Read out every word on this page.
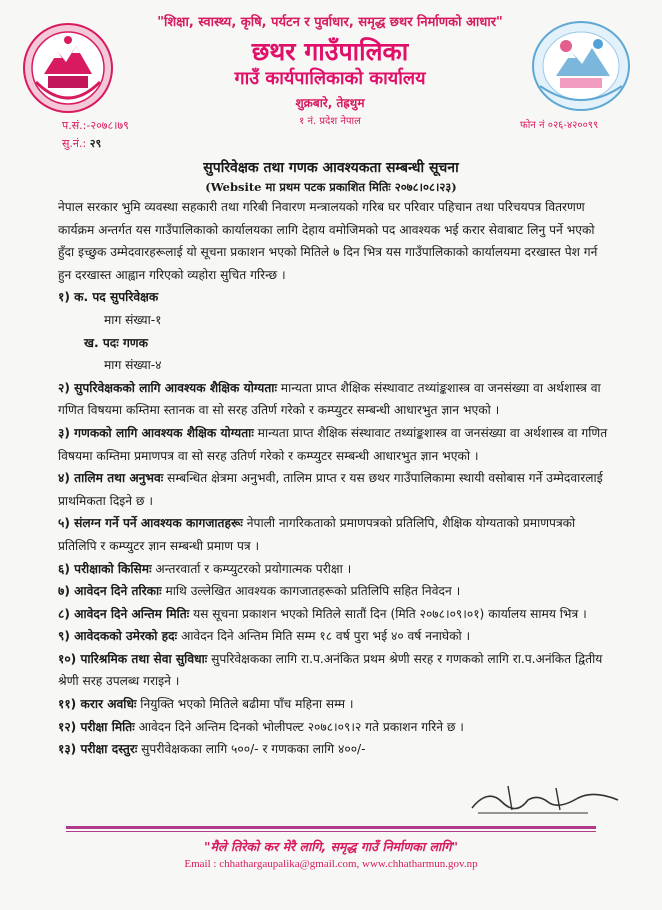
"शिक्षा, स्वास्थ्य, कृषि, पर्यटन र पुर्वाधार, समृद्ध छथर निर्माणको आधार"
छथर गाउँपालिका
गाउँ कार्यपालिकाको कार्यालय
शुक्रबारे, तेह्रथुम
१ नं. प्रदेश नेपाल	फोन नं ०२६-४२००९९
प.सं.:-२०७८।७९
सु.नं.: २९
सुपरिवेक्षक तथा गणक आवश्यकता सम्बन्धी सूचना
(Website मा प्रथम पटक प्रकाशित मितिः २०७८।०८।२३)

नेपाल सरकार भुमि व्यवस्था सहकारी तथा गरिबी निवारण मन्त्रालयको गरिब घर परिवार पहिचान तथा परिचयपत्र वितरणण कार्यक्रम अन्तर्गत यस गाउँपालिकाको कार्यालयका लागि देहाय वमोजिमको पद आवश्यक भई करार सेवाबाट लिनु पर्ने भएको हुँदा इच्छुक उम्मेदवारहरूलाई यो सूचना प्रकाशन भएको मितिले ७ दिन भित्र यस गाउँपालिकाको कार्यालयमा दरखास्त पेश गर्न हुन दरखास्त आह्वान गरिएको व्यहोरा सुचित गरिन्छ ।

१) क. पद सुपरिवेक्षक

माग संख्या-१

ख. पदः गणक

माग संख्या-४

२) सुपरिवेक्षकको लागि आवश्यक शैक्षिक योग्यताः मान्यता प्राप्त शैक्षिक संस्थावाट तथ्यांङ्कशास्त्र वा जनसंख्या वा अर्थशास्त्र वा गणित विषयमा कम्तिमा स्तानक वा सो सरह उतिर्ण गरेको र कम्प्युटर सम्बन्धी आधारभुत ज्ञान भएको ।

३) गणकको लागि आवश्यक शैक्षिक योग्यताः मान्यता प्राप्त शैक्षिक संस्थावाट तथ्यांङ्कशास्त्र वा जनसंख्या वा अर्थशास्त्र वा गणित विषयमा कम्तिमा प्रमाणपत्र वा सो सरह उतिर्ण गरेको र कम्प्युटर सम्बन्धी आधारभुत ज्ञान भएको ।

४) तालिम तथा अनुभवः सम्बन्धित क्षेत्रमा अनुभवी, तालिम प्राप्त र यस छथर गाउँपालिकामा स्थायी वसोबास गर्ने उम्मेदवारलाई प्राथमिकता दिइने छ ।

५) संलग्न गर्ने पर्ने आवश्यक कागजातहरूः नेपाली नागरिकताको प्रमाणपत्रको प्रतिलिपि, शैक्षिक योग्यताको प्रमाणपत्रको प्रतिलिपि र कम्प्युटर ज्ञान सम्बन्धी प्रमाण पत्र ।

६) परीक्षाको किसिमः अन्तरवार्ता र कम्प्युटरको प्रयोगात्मक परीक्षा ।

७) आवेदन दिने तरिकाः माथि उल्लेखित आवश्यक कागजातहरूको प्रतिलिपि सहित निवेदन ।

८) आवेदन दिने अन्तिम मितिः यस सूचना प्रकाशन भएको मितिले सातौं दिन (मिति २०७८।०९।०१) कार्यालय सामय भित्र ।

९) आवेदकको उमेरको हदः आवेदन दिने अन्तिम मिति सम्म १८ वर्ष पुरा भई ४० वर्ष ननाघेको ।

१०) पारिश्रमिक तथा सेवा सुविधाः सुपरिवेक्षकका लागि रा.प.अनंकित प्रथम श्रेणी सरह र गणकको लागि रा.प.अनंकित द्वितीय श्रेणी सरह उपलब्ध गराइने ।

११) करार अवधिः नियुक्ति भएको मितिले बढीमा पाँच महिना सम्म ।

१२) परीक्षा मितिः आवेदन दिने अन्तिम दिनको भोलीपल्ट २०७८।०९।२ गते प्रकाशन गरिने छ ।

१३) परीक्षा दस्तुरः सुपरीवेक्षकका लागि ५००/- र गणकका लागि ४००/-

"मैले तिरेको कर मेरै लागि, समृद्ध गाउँ निर्माणका लागि"
Email : chhathargaupalika@gmail.com, www.chhatharmun.gov.np
